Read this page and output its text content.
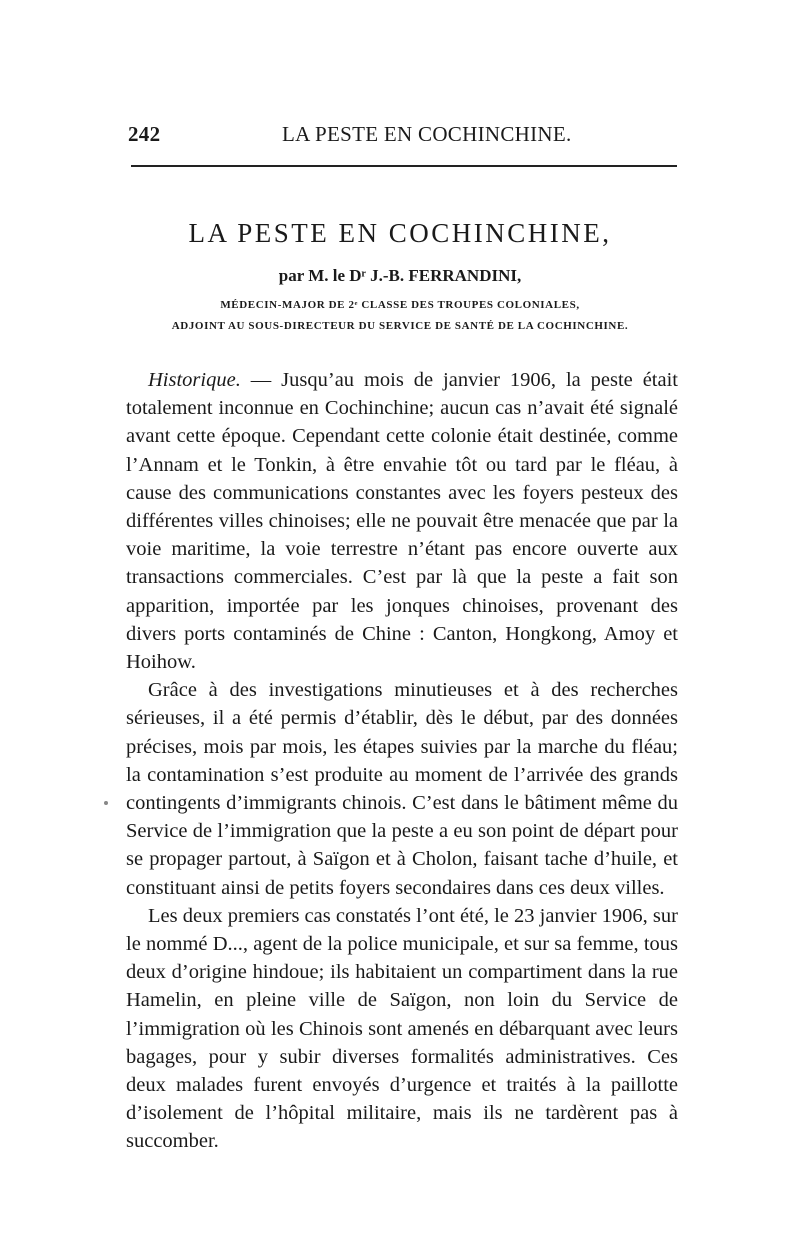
242	LA PESTE EN COCHINCHINE.
LA PESTE EN COCHINCHINE,
par M. le Dʳ J.-B. FERRANDINI,
MÉDECIN-MAJOR DE 2ᵉ CLASSE DES TROUPES COLONIALES,
ADJOINT AU SOUS-DIRECTEUR DU SERVICE DE SANTÉ DE LA COCHINCHINE.

Historique. — Jusqu’au mois de janvier 1906, la peste était totalement inconnue en Cochinchine; aucun cas n’avait été signalé avant cette époque. Cependant cette colonie était destinée, comme l’Annam et le Tonkin, à être envahie tôt ou tard par le fléau, à cause des communications constantes avec les foyers pesteux des différentes villes chinoises; elle ne pouvait être menacée que par la voie maritime, la voie terrestre n’étant pas encore ouverte aux transactions commerciales. C’est par là que la peste a fait son apparition, importée par les jonques chinoises, provenant des divers ports contaminés de Chine : Canton, Hongkong, Amoy et Hoihow.

Grâce à des investigations minutieuses et à des recherches sérieuses, il a été permis d’établir, dès le début, par des données précises, mois par mois, les étapes suivies par la marche du fléau; la contamination s’est produite au moment de l’arrivée des grands contingents d’immigrants chinois. C’est dans le bâtiment même du Service de l’immigration que la peste a eu son point de départ pour se propager partout, à Saïgon et à Cholon, faisant tache d’huile, et constituant ainsi de petits foyers secondaires dans ces deux villes.

Les deux premiers cas constatés l’ont été, le 23 janvier 1906, sur le nommé D..., agent de la police municipale, et sur sa femme, tous deux d’origine hindoue; ils habitaient un compartiment dans la rue Hamelin, en pleine ville de Saïgon, non loin du Service de l’immigration où les Chinois sont amenés en débarquant avec leurs bagages, pour y subir diverses formalités administratives. Ces deux malades furent envoyés d’urgence et traités à la paillotte d’isolement de l’hôpital militaire, mais ils ne tardèrent pas à succomber.
